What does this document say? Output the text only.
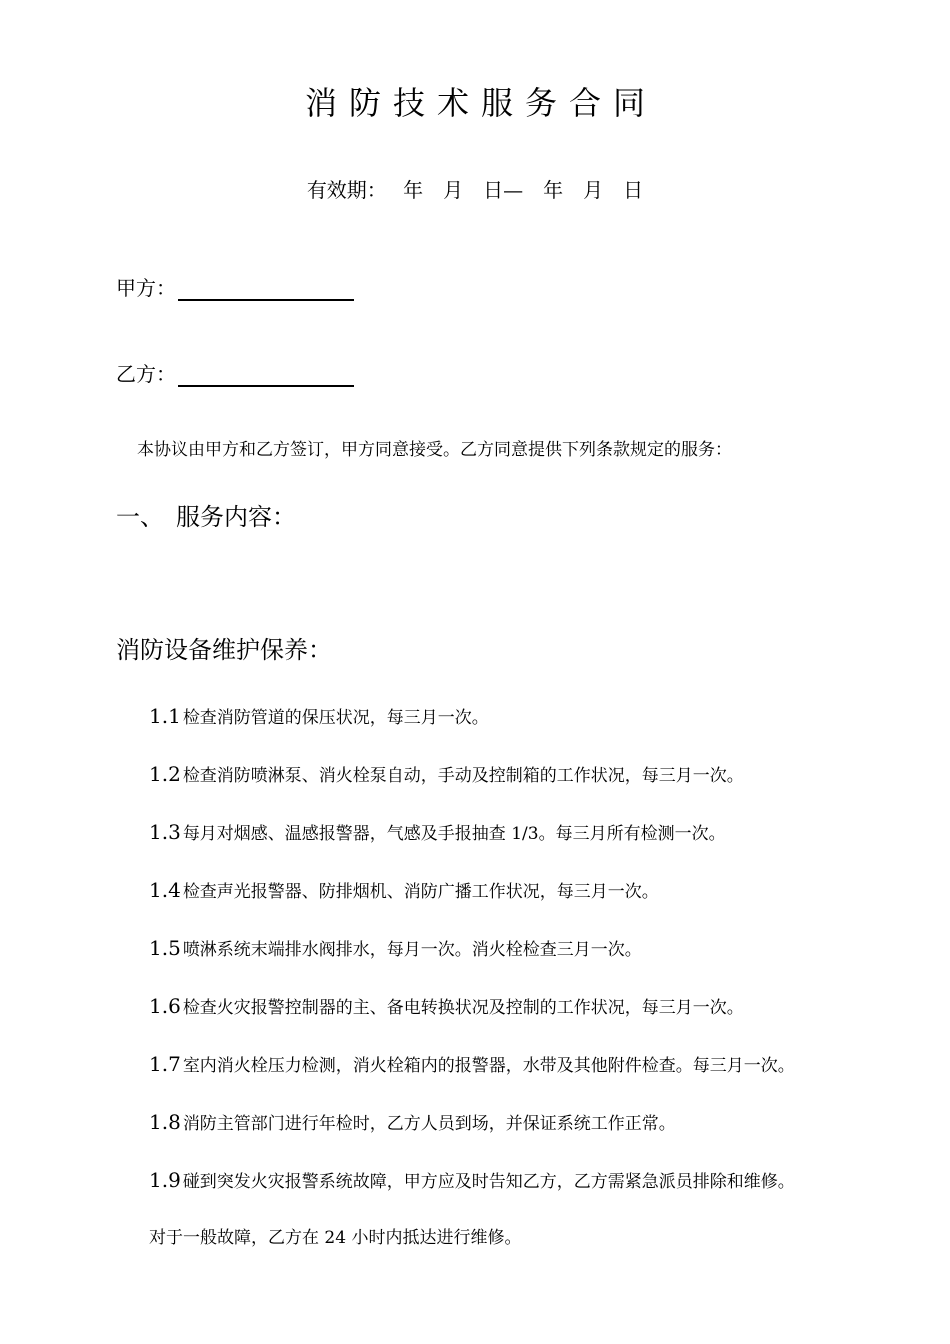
消防技术服务合同
有效期：　 年　月　日—　年　月　日
甲方：
乙方：
本协议由甲方和乙方签订，甲方同意接受。乙方同意提供下列条款规定的服务：
一、　服务内容：
消防设备维护保养：
1.1 检查消防管道的保压状况，每三月一次。
1.2 检查消防喷淋泵、消火栓泵自动，手动及控制箱的工作状况，每三月一次。
1.3 每月对烟感、温感报警器，气感及手报抽查 1/3。每三月所有检测一次。
1.4 检查声光报警器、防排烟机、消防广播工作状况，每三月一次。
1.5 喷淋系统末端排水阀排水，每月一次。消火栓检查三月一次。
1.6 检查火灾报警控制器的主、备电转换状况及控制的工作状况，每三月一次。
1.7 室内消火栓压力检测，消火栓箱内的报警器，水带及其他附件检查。每三月一次。
1.8 消防主管部门进行年检时，乙方人员到场，并保证系统工作正常。
1.9 碰到突发火灾报警系统故障，甲方应及时告知乙方，乙方需紧急派员排除和维修。
对于一般故障，乙方在 24 小时内抵达进行维修。
